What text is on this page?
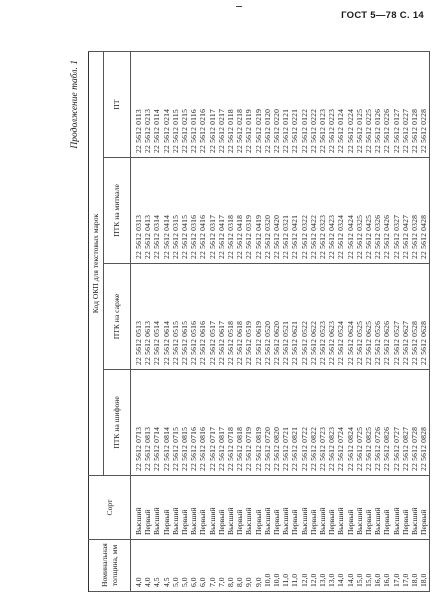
ГОСТ 5—78 С. 14
Продолжение табл. 1
Номинальная толщина, мм	Сорт	Код ОКП для текстовых марок			
		ПТК на шифоне	ПТК на сарже	ПТК на миткале	ПТ
4,0	Высший	22 5612 0713	22 5612 0513	22 5612 0313	22 5612 0113
4,0	Первый	22 5612 0813	22 5612 0613	22 5612 0413	22 5612 0213
4,5	Высший	22 5612 0714	22 5612 0514	22 5612 0314	22 5612 0114
4,5	Первый	22 5612 0814	22 5612 0614	22 5612 0414	22 5612 0214
5,0	Высший	22 5612 0715	22 5612 0515	22 5612 0315	22 5612 0115
5,0	Первый	22 5612 0815	22 5612 0615	22 5612 0415	22 5612 0215
6,0	Высший	22 5612 0716	22 5612 0516	22 5612 0316	22 5612 0116
6,0	Первый	22 5612 0816	22 5612 0616	22 5612 0416	22 5612 0216
7,0	Высший	22 5612 0717	22 5612 0517	22 5612 0317	22 5612 0117
7,0	Первый	22 5612 0817	22 5612 0617	22 5612 0417	22 5612 0217
8,0	Высший	22 5612 0718	22 5612 0518	22 5612 0318	22 5612 0118
8,0	Первый	22 5612 0818	22 5612 0618	22 5612 0418	22 5612 0218
9,0	Высший	22 5612 0719	22 5612 0519	22 5612 0319	22 5612 0119
9,0	Первый	22 5612 0819	22 5612 0619	22 5612 0419	22 5612 0219
10,0	Высший	22 5612 0720	22 5612 0520	22 5612 0320	22 5612 0120
10,0	Первый	22 5612 0820	22 5612 0620	22 5612 0420	22 5612 0220
11,0	Высший	22 5612 0721	22 5612 0521	22 5612 0321	22 5612 0121
11,0	Первый	22 5612 0821	22 5612 0621	22 5612 0421	22 5612 0221
12,0	Высший	22 5612 0722	22 5612 0522	22 5612 0322	22 5612 0122
12,0	Первый	22 5612 0822	22 5612 0622	22 5612 0422	22 5612 0222
13,0	Высший	22 5612 0723	22 5612 0523	22 5612 0323	22 5612 0123
13,0	Первый	22 5612 0823	22 5612 0623	22 5612 0423	22 5612 0223
14,0	Высший	22 5612 0724	22 5612 0524	22 5612 0324	22 5612 0124
14,0	Первый	22 5612 0824	22 5612 0624	22 5612 0424	22 5612 0224
15,0	Высший	22 5612 0725	22 5612 0525	22 5612 0325	22 5612 0125
15,0	Первый	22 5612 0825	22 5612 0625	22 5612 0425	22 5612 0225
16,0	Высший	22 5612 0726	22 5612 0526	22 5612 0326	22 5612 0126
16,0	Первый	22 5612 0826	22 5612 0626	22 5612 0426	22 5612 0226
17,0	Высший	22 5612 0727	22 5612 0527	22 5612 0327	22 5612 0127
17,0	Первый	22 5612 0827	22 5612 0627	22 5612 0427	22 5612 0227
18,0	Высший	22 5612 0728	22 5612 0528	22 5612 0328	22 5612 0128
18,0	Первый	22 5612 0828	22 5612 0628	22 5612 0428	22 5612 0228
